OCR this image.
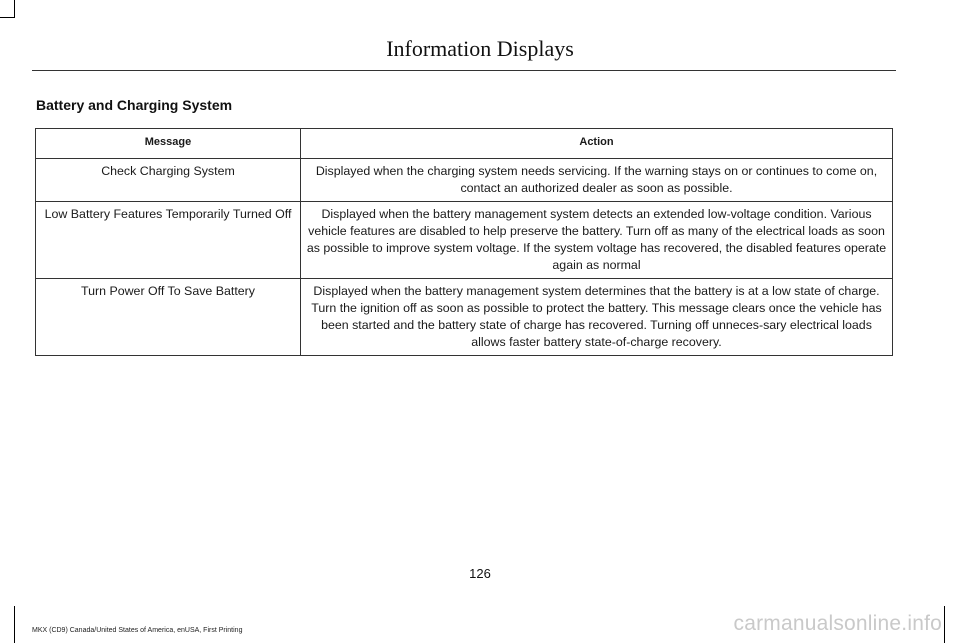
Information Displays
Battery and Charging System
Message	Action
Check Charging System	Displayed when the charging system needs servicing. If the warning stays on or continues to come on, contact an authorized dealer as soon as possible.
Low Battery Features Temporarily Turned Off	Displayed when the battery management system detects an extended low-voltage condition. Various vehicle features are disabled to help preserve the battery. Turn off as many of the electrical loads as soon as possible to improve system voltage. If the system voltage has recovered, the disabled features operate again as normal
Turn Power Off To Save Battery	Displayed when the battery management system determines that the battery is at a low state of charge. Turn the ignition off as soon as possible to protect the battery. This message clears once the vehicle has been started and the battery state of charge has recovered. Turning off unneces-sary electrical loads allows faster battery state-of-charge recovery.
126
MKX (CD9) Canada/United States of America, enUSA, First Printing	carmanualsonline.info
